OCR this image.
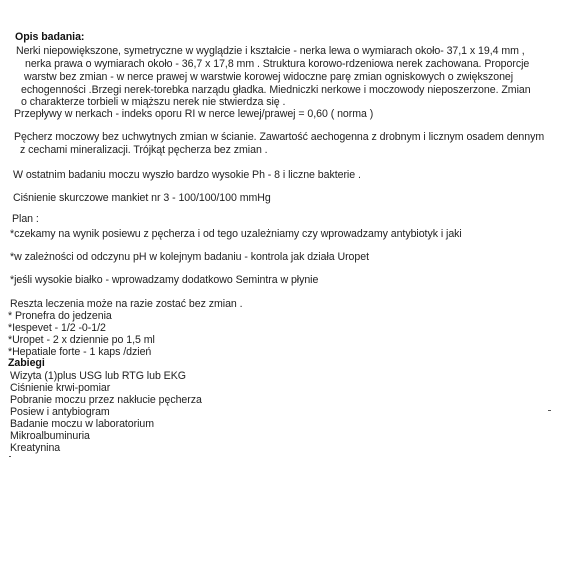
Opis badania:
Nerki niepowiększone, symetryczne w wyglądzie i kształcie - nerka lewa o wymiarach około- 37,1 x 19,4 mm ,
nerka prawa o wymiarach około - 36,7 x 17,8 mm . Struktura korowo-rdzeniowa nerek zachowana. Proporcje
warstw bez zmian - w nerce prawej w warstwie korowej widoczne parę zmian ogniskowych o zwiększonej
echogenności .Brzegi nerek-torebka narządu gładka. Miedniczki nerkowe i moczowody nieposzerzone. Zmian
o charakterze torbieli w miąższu nerek nie stwierdza się .
Przepływy w nerkach - indeks oporu RI w nerce lewej/prawej = 0,60 ( norma )
Pęcherz moczowy bez uchwytnych zmian w ścianie. Zawartość aechogenna z drobnym i licznym osadem dennym
z cechami mineralizacji. Trójkąt pęcherza bez zmian .
W ostatnim badaniu moczu wyszło bardzo wysokie Ph - 8 i liczne bakterie .
Ciśnienie skurczowe mankiet nr 3 - 100/100/100 mmHg
Plan :
*czekamy na wynik posiewu z pęcherza i od tego uzależniamy czy wprowadzamy antybiotyk i jaki
*w zależności od odczynu pH w kolejnym badaniu - kontrola jak działa Uropet
*jeśli wysokie białko - wprowadzamy dodatkowo Semintra w płynie
Reszta leczenia może na razie zostać bez zmian .
* Pronefra do jedzenia
*Iespevet - 1/2 -0-1/2
*Uropet - 2 x dziennie po 1,5 ml
*Hepatiale forte - 1 kaps /dzień
Zabiegi
Wizyta (1)plus USG lub RTG lub EKG
Ciśnienie krwi-pomiar
Pobranie moczu przez nakłucie pęcherza
Posiew i antybiogram
Badanie moczu w laboratorium
Mikroalbuminuria
Kreatynina
